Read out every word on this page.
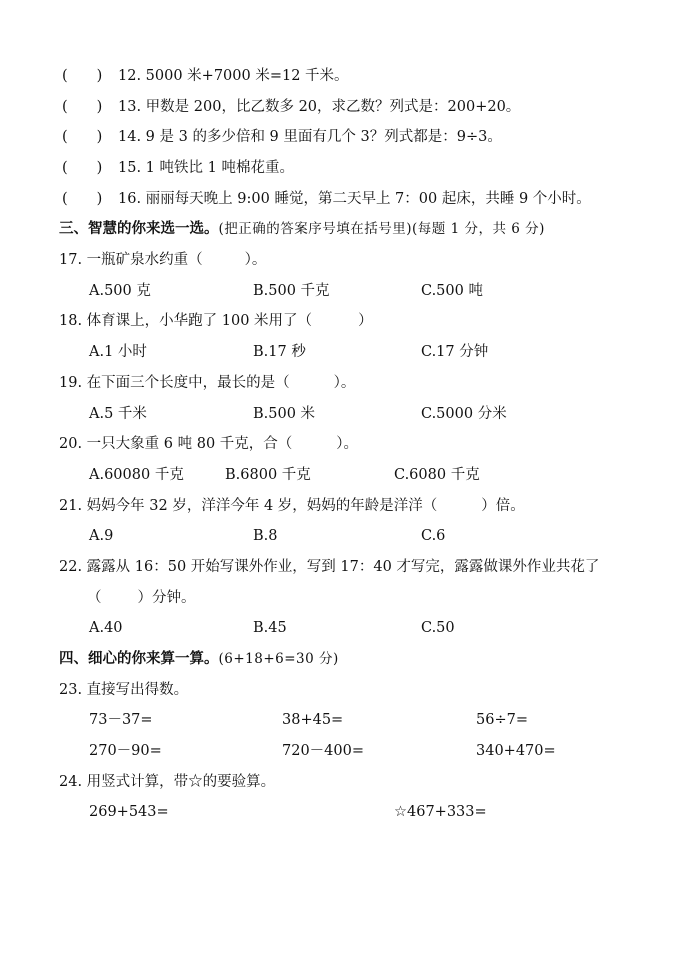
(　　) 12. 5000 米+7000 米=12 千米。
(　　) 13. 甲数是 200，比乙数多 20，求乙数？列式是：200+20。
(　　) 14. 9 是 3 的多少倍和 9 里面有几个 3？列式都是：9÷3。
(　　) 15. 1 吨铁比 1 吨棉花重。
(　　) 16. 丽丽每天晚上 9:00 睡觉，第二天早上 7：00 起床，共睡 9 个小时。
三、智慧的你来选一选。(把正确的答案序号填在括号里)(每题 1 分，共 6 分)
17. 一瓶矿泉水约重（	）。
A.500 克	B.500 千克	C.500 吨
18. 体育课上，小华跑了 100 米用了（	）
A.1 小时	B.17 秒	C.17 分钟
19. 在下面三个长度中，最长的是（	）。
A.5 千米	B.500 米	C.5000 分米
20. 一只大象重 6 吨 80 千克，合（	）。
A.60080 千克	B.6800 千克	C.6080 千克
21. 妈妈今年 32 岁，洋洋今年 4 岁，妈妈的年龄是洋洋（	）倍。
A.9	B.8	C.6
22. 露露从 16：50 开始写课外作业，写到 17：40 才写完，露露做课外作业共花了
（ ）分钟。
A.40	B.45	C.50
四、细心的你来算一算。(6+18+6=30 分)
23. 直接写出得数。
73－37=	38+45=	56÷7=
270－90=	720－400=	340+470=
24. 用竖式计算，带☆的要验算。
269+543=	☆467+333=
